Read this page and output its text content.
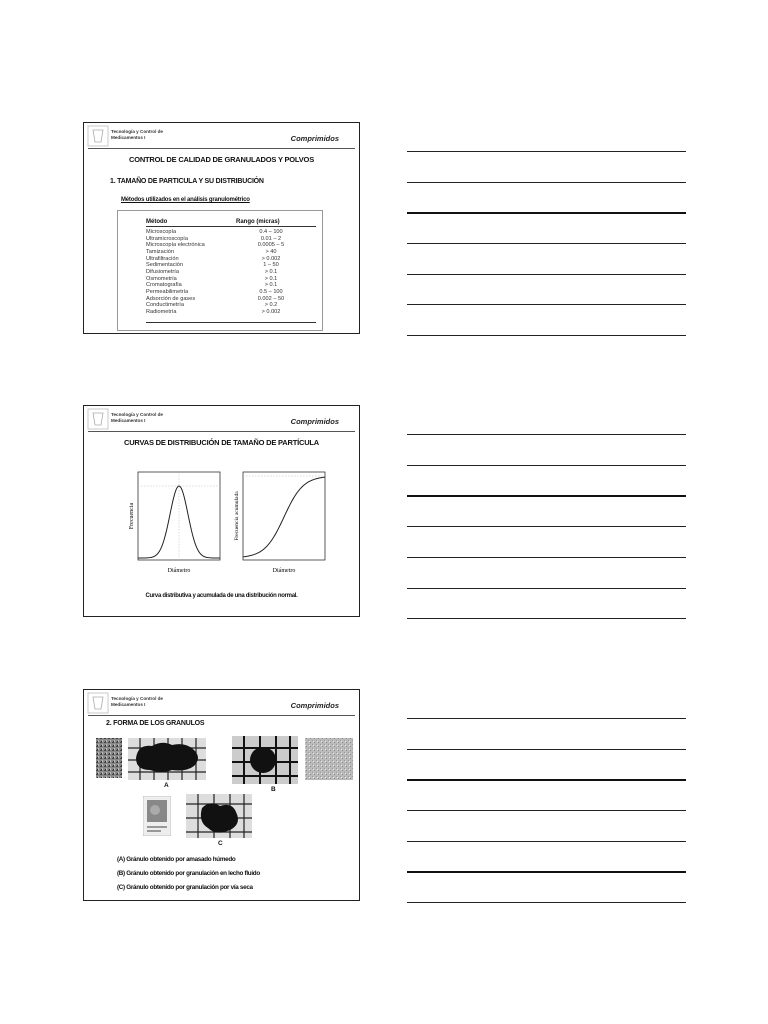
Tecnología y Control de
Medicamentos I	Comprimidos
CONTROL DE CALIDAD DE GRANULADOS Y POLVOS
1. TAMAÑO DE PARTICULA Y SU DISTRIBUCIÓN
Métodos utilizados en el análisis granulométrico
Método	Rango (micras)
Microscopía	0.4 – 100
Ultramicroscopía	0.01 – 2
Microscopía electrónica	0.0005 – 5
Tamización	> 40
Ultrafiltración	> 0.002
Sedimentación	1 – 50
Difusiometría	> 0.1
Osmometría	> 0.1
Cromatografía	> 0.1
Permeabilimetría	0.5 – 100
Adsorción de gases	0.002 – 50
Conductimetría	> 0.2
Radiometría	> 0.002
Tecnología y Control de
Medicamentos I	Comprimidos
CURVAS DE DISTRIBUCIÓN DE TAMAÑO DE PARTÍCULA
Frecuencia
Diámetro
Frecuencia acumulada
Diámetro
Curva distributiva y acumulada de una distribución normal.
Tecnología y Control de
Medicamentos I	Comprimidos
2. FORMA DE LOS GRANULOS
A
B
C
(A) Gránulo obtenido por amasado húmedo
(B) Gránulo obtenido por granulación en lecho fluido
(C) Gránulo obtenido por granulación por vía seca
